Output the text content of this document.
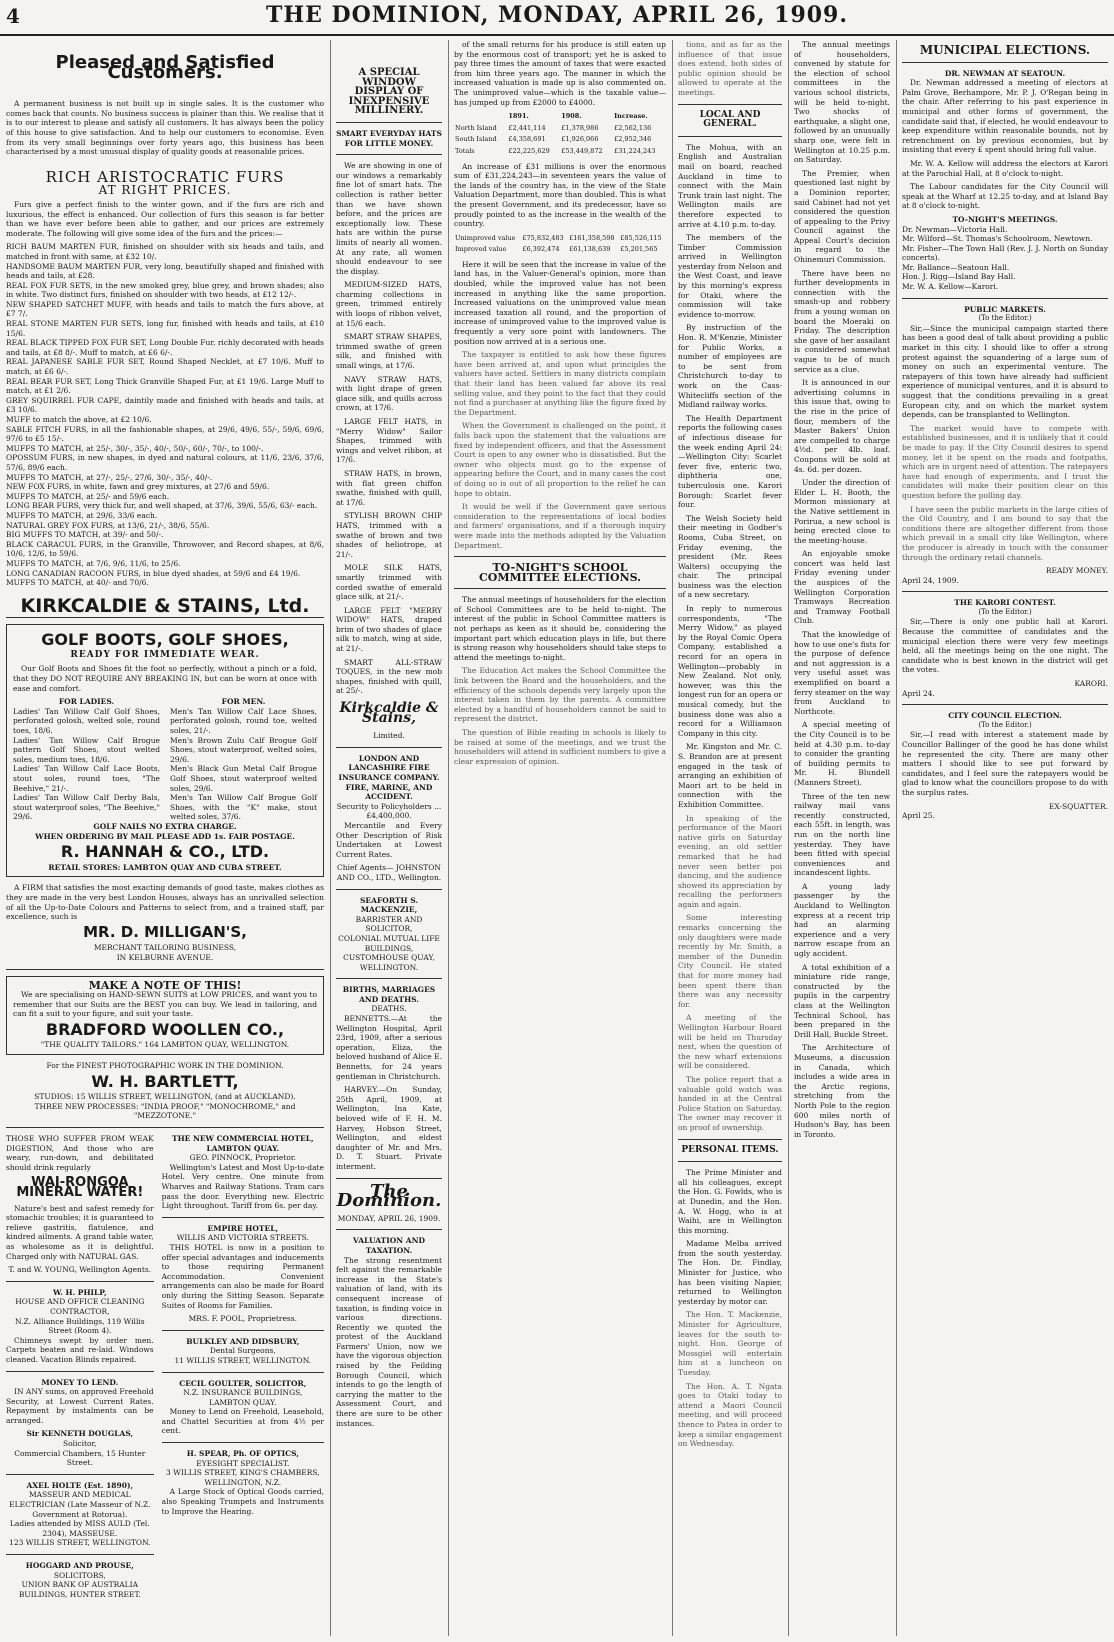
4	THE DOMINION, MONDAY, APRIL 26, 1909.
Pleased and Satisfied Customers.

A permanent business is not built up in single sales. It is the customer who comes back that counts. No business success is plainer than this. We realise that it is to our interest to please and satisfy all customers. It has always been the policy of this house to give satisfaction. And to help our customers to economise. Even from its very small beginnings over forty years ago, this business has been characterised by a most unusual display of quality goods at reasonable prices.

RICH ARISTOCRATIC FURS
AT RIGHT PRICES.

Furs give a perfect finish to the winter gown, and if the furs are rich and luxurious, the effect is enhanced. Our collection of furs this season is far better than we have ever before been able to gather, and our prices are extremely moderate. The following will give some idea of the furs and the prices:—

RICH BAUM MARTEN FUR, finished on shoulder with six heads and tails, and matched in front with same, at £32 10/.
HANDSOME BAUM MARTEN FUR, very long, beautifully shaped and finished with heads and tails, at £28.
REAL FOX FUR SETS, in the new smoked grey, blue grey, and brown shades; also in white. Two distinct furs, finished on shoulder with two heads, at £12 12/-.
NEW SHAPED SATCHET MUFF, with heads and tails to match the furs above, at £7 7/.
REAL STONE MARTEN FUR SETS, long fur, finished with heads and tails, at £10 15/6.
REAL BLACK TIPPED FOX FUR SET, Long Double Fur, richly decorated with heads and tails, at £8 8/-. Muff to match, at £6 6/-.
REAL JAPANESE SABLE FUR SET, Round Shaped Necklet, at £7 10/6. Muff to match, at £6 6/-.
REAL BEAR FUR SET, Long Thick Granville Shaped Fur, at £1 19/6. Large Muff to match, at £1 2/6.
GREY SQUIRREL FUR CAPE, daintily made and finished with heads and tails, at £3 10/6.
MUFF to match the above, at £2 10/6.
SABLE FITCH FURS, in all the fashionable shapes, at 29/6, 49/6, 55/-, 59/6, 69/6, 97/6 to £5 15/-.
MUFFS TO MATCH, at 25/-, 30/-, 35/-, 40/-, 50/-, 60/-, 70/-, to 100/-.
OPOSSUM FURS, in new shapes, in dyed and natural colours, at 11/6, 23/6, 37/6, 57/6, 89/6 each.
MUFFS TO MATCH, at 27/-, 25/-, 27/6, 30/-, 35/-, 40/-.
NEW FOX FURS, in white, fawn and grey mixtures, at 27/6 and 59/6.
MUFFS TO MATCH, at 25/- and 59/6 each.
LONG BEAR FURS, very thick fur, and well shaped, at 37/6, 39/6, 55/6, 63/- each.
MUFFS TO MATCH, at 29/6, 33/6 each.
NATURAL GREY FOX FURS, at 13/6, 21/-, 38/6, 55/6.
BIG MUFFS TO MATCH, at 39/- and 50/-.
BLACK CARACUL FURS, in the Granville, Throwover, and Record shapes, at 8/6, 10/6, 12/6, to 59/6.
MUFFS TO MATCH, at 7/6, 9/6, 11/6, to 25/6.
LONG CANADIAN RACOON FURS, in blue dyed shades, at 59/6 and £4 19/6.
MUFFS TO MATCH, at 40/- and 70/6.
KIRKCALDIE & STAINS, Ltd.
GOLF BOOTS, GOLF SHOES,
READY FOR IMMEDIATE WEAR.

Our Golf Boots and Shoes fit the foot so perfectly, without a pinch or a fold, that they DO NOT REQUIRE ANY BREAKING IN, but can be worn at once with ease and comfort.

FOR LADIES.
Ladies' Tan Willow Calf Golf Shoes, perforated golosh, welted sole, round toes, 18/6.
Ladies' Tan Willow Calf Brogue pattern Golf Shoes, stout welted soles, medium toes, 18/6.
Ladies' Tan Willow Calf Lace Boots, stout soles, round toes, "The Beehive," 21/-.
Ladies' Tan Willow Calf Derby Bals, stout waterproof soles, "The Beehive," 29/6.
FOR MEN.
Men's Tan Willow Calf Lace Shoes, perforated golosh, round toe, welted soles, 21/-.
Men's Brown Zulu Calf Brogue Golf Shoes, stout waterproof, welted soles, 29/6.
Men's Black Gun Metal Calf Brogue Golf Shoes, stout waterproof welted soles, 29/6.
Men's Tan Willow Calf Brogue Golf Shoes, with the "K" make, stout welted soles, 37/6.
GOLF NAILS NO EXTRA CHARGE.
WHEN ORDERING BY MAIL PLEASE ADD 1s. FAIR POSTAGE.
R. HANNAH & CO., LTD.
RETAIL STORES: LAMBTON QUAY AND CUBA STREET.

A FIRM that satisfies the most exacting demands of good taste, makes clothes as they are made in the very best London Houses, always has an unrivalled selection of all the Up-to-Date Colours and Patterns to select from, and a trained staff, par excellence, such is

MR. D. MILLIGAN'S,
MERCHANT TAILORING BUSINESS,
IN KELBURNE AVENUE.
MAKE A NOTE OF THIS!

We are specialising on HAND-SEWN SUITS at LOW PRICES, and want you to remember that our Suits are the BEST you can buy. We lead in tailoring, and can fit a suit to your figure, and suit your taste.

BRADFORD WOOLLEN CO.,
"THE QUALITY TAILORS." 164 LAMBTON QUAY, WELLINGTON.
For the FINEST PHOTOGRAPHIC WORK IN THE DOMINION.
W. H. BARTLETT,
STUDIOS: 15 WILLIS STREET, WELLINGTON, (and at AUCKLAND).
THREE NEW PROCESSES: "INDIA PROOF," "MONOCHROME," and "MEZZOTONE."
THOSE WHO SUFFER FROM WEAK DIGESTION, And those who are weary, run-down, and debilitated should drink regularly
WAI-RONGOA MINERAL WATER!

Nature's best and safest remedy for stomachic troubles; it is guaranteed to relieve gastritis, flatulence, and kindred ailments. A grand table water, as wholesome as it is delightful. Charged only with NATURAL GAS.

T. and W. YOUNG, Wellington Agents.
W. H. PHILP,
HOUSE AND OFFICE CLEANING CONTRACTOR,
N.Z. Alliance Buildings, 119 Willis Street (Room 4).

Chimneys swept by order men. Carpets beaten and re-laid. Windows cleaned. Vacation Blinds repaired.

MONEY TO LEND.

IN ANY sums, on approved Freehold Security, at Lowest Current Rates. Repayment by instalments can be arranged.

Sir KENNETH DOUGLAS,
Solicitor,
Commercial Chambers, 15 Hunter Street.
AXEL HOLTE (Est. 1890),
MASSEUR AND MEDICAL ELECTRICIAN (Late Masseur of N.Z. Government at Rotorua).
Ladies attended by MISS AULD (Tel. 2304), MASSEUSE.
123 WILLIS STREET, WELLINGTON.
HOGGARD AND PROUSE,
SOLICITORS,
UNION BANK OF AUSTRALIA BUILDINGS, HUNTER STREET.
THE NEW COMMERCIAL HOTEL, LAMBTON QUAY.
GEO. PINNOCK, Proprietor.

Wellington's Latest and Most Up-to-date Hotel. Very centre. One minute from Wharves and Railway Stations. Tram cars pass the door. Everything new. Electric Light throughout. Tariff from 6s. per day.

EMPIRE HOTEL,
WILLIS AND VICTORIA STREETS.

THIS HOTEL is now in a position to offer special advantages and inducements to those requiring Permanent Accommodation. Convenient arrangements can also be made for Board only during the Sitting Season. Separate Suites of Rooms for Families.

MRS. F. POOL, Proprietress.
BULKLEY AND DIDSBURY,
Dental Surgeons,
11 WILLIS STREET, WELLINGTON.
CECIL GOULTER, SOLICITOR,
N.Z. INSURANCE BUILDINGS, LAMBTON QUAY.

Money to Lend on Freehold, Leasehold, and Chattel Securities at from 4½ per cent.

H. SPEAR, Ph. OF OPTICS,
EYESIGHT SPECIALIST.
3 WILLIS STREET, KING'S CHAMBERS, WELLINGTON, N.Z.

A Large Stock of Optical Goods carried, also Speaking Trumpets and Instruments to Improve the Hearing.

A SPECIAL WINDOW DISPLAY OF INEXPENSIVE MILLINERY.
SMART EVERYDAY HATS FOR LITTLE MONEY.

We are showing in one of our windows a remarkably fine lot of smart hats. The collection is rather better than we have shown before, and the prices are exceptionally low. These hats are within the purse limits of nearly all women. At any rate, all women should endeavour to see the display.

MEDIUM-SIZED HATS, charming collections in green, trimmed entirely with loops of ribbon velvet, at 15/6 each.

SMART STRAW SHAPES, trimmed swathe of green silk, and finished with small wings, at 17/6.

NAVY STRAW HATS, with light drape of green glace silk, and quills across crown, at 17/6.

LARGE FELT HATS, in "Merry Widow" Sailor Shapes, trimmed with wings and velvet ribbon, at 17/6.

STRAW HATS, in brown, with flat green chiffon swathe, finished with quill, at 17/6.

STYLISH BROWN CHIP HATS, trimmed with a swathe of brown and two shades of heliotrope, at 21/-.

MOLE SILK HATS, smartly trimmed with corded swathe of emerald glace silk, at 21/-.

LARGE FELT "MERRY WIDOW" HATS, draped brim of two shades of glace silk to match, wing at side, at 21/-.

SMART ALL-STRAW TOQUES, in the new mob shapes, finished with quill, at 25/-.

Kirkcaldie & Stains,
Limited.
LONDON AND LANCASHIRE FIRE INSURANCE COMPANY.
FIRE, MARINE, AND ACCIDENT.
Security to Policyholders ... £4,400,000.

Mercantile and Every Other Description of Risk Undertaken at Lowest Current Rates.

Chief Agents— JOHNSTON AND CO., LTD., Wellington.
SEAFORTH S. MACKENZIE,
BARRISTER AND SOLICITOR,
COLONIAL MUTUAL LIFE BUILDINGS, CUSTOMHOUSE QUAY, WELLINGTON.
BIRTHS, MARRIAGES AND DEATHS.
DEATHS.

BENNETTS.—At the Wellington Hospital, April 23rd, 1909, after a serious operation, Eliza, the beloved husband of Alice E. Bennetts, for 24 years gentleman in Christchurch.

HARVEY.—On Sunday, 25th April, 1909, at Wellington, Ina Kate, beloved wife of F. H. M. Harvey, Hobson Street, Wellington, and eldest daughter of Mr. and Mrs. D. T. Stuart. Private interment.

The Dominion.
MONDAY, APRIL 26, 1909.
VALUATION AND TAXATION.

The strong resentment felt against the remarkable increase in the State's valuation of land, with its consequent increase of taxation, is finding voice in various directions. Recently we quoted the protest of the Auckland Farmers' Union, now we have the vigorous objection raised by the Feilding Borough Council, which intends to go the length of carrying the matter to the Assessment Court, and there are sure to be other instances.

of the small returns for his produce is still eaten up by the enormous cost of transport; yet he is asked to pay three times the amount of taxes that were exacted from him three years ago. The manner in which the increased valuation is made up is also commented on. The unimproved value—which is the taxable value—has jumped up from £2000 to £4000.

	1891.	1908.	Increase.
North Island	£2,441,114	£1,378,986	£2,562,136
South Island	£4,358,691	£1,926,066	£2,952,346
Totals	£22,225,629	£53,449,872	£31,224,243

An increase of £31 millions is over the enormous sum of £31,224,243—in seventeen years the value of the lands of the country has, in the view of the State Valuation Department, more than doubled. This is what the present Government, and its predecessor, have so proudly pointed to as the increase in the wealth of the country.

Unimproved value	£75,832,483	£161,358,598	£85,526,115
Improved value	£6,392,474	£61,138,639	£5,201,565

Here it will be seen that the increase in value of the land has, in the Valuer-General's opinion, more than doubled, while the improved value has not been increased in anything like the same proportion. Increased valuations on the unimproved value mean increased taxation all round, and the proportion of increase of unimproved value to the improved value is frequently a very sore point with landowners. The position now arrived at is a serious one.

The taxpayer is entitled to ask how these figures have been arrived at, and upon what principles the valuers have acted. Settlers in many districts complain that their land has been valued far above its real selling value, and they point to the fact that they could not find a purchaser at anything like the figure fixed by the Department.

When the Government is challenged on the point, it falls back upon the statement that the valuations are fixed by independent officers, and that the Assessment Court is open to any owner who is dissatisfied. But the owner who objects must go to the expense of appearing before the Court, and in many cases the cost of doing so is out of all proportion to the relief he can hope to obtain.

It would be well if the Government gave serious consideration to the representations of local bodies and farmers' organisations, and if a thorough inquiry were made into the methods adopted by the Valuation Department.

TO-NIGHT'S SCHOOL COMMITTEE ELECTIONS.

The annual meetings of householders for the election of School Committees are to be held to-night. The interest of the public in School Committee matters is not perhaps as keen as it should be, considering the important part which education plays in life, but there is strong reason why householders should take steps to attend the meetings to-night.

The Education Act makes the School Committee the link between the Board and the householders, and the efficiency of the schools depends very largely upon the interest taken in them by the parents. A committee elected by a handful of householders cannot be said to represent the district.

The question of Bible reading in schools is likely to be raised at some of the meetings, and we trust the householders will attend in sufficient numbers to give a clear expression of opinion.

tions, and as far as the influence of that issue does extend, both sides of public opinion should be allowed to operate at the meetings.

LOCAL AND GENERAL.

The Mohua, with an English and Australian mail on board, reached Auckland in time to connect with the Main Trunk train last night. The Wellington mails are therefore expected to arrive at 4.10 p.m. to-day.

The members of the Timber Commission arrived in Wellington yesterday from Nelson and the West Coast, and leave by this morning's express for Otaki, where the commission will take evidence to-morrow.

By instruction of the Hon. R. M'Kenzie, Minister for Public Works, a number of employees are to be sent from Christchurch to-day to work on the Cass-Whitecliffs section of the Midland railway works.

The Health Department reports the following cases of infectious disease for the week ending April 24:—Wellington City: Scarlet fever five, enteric two, diphtheria one, tuberculosis one. Karori Borough: Scarlet fever four.

The Welsh Society held their meeting in Godber's Rooms, Cuba Street, on Friday evening, the president (Mr. Rees Walters) occupying the chair. The principal business was the election of a new secretary.

In reply to numerous correspondents, "The Merry Widow," as played by the Royal Comic Opera Company, established a record for an opera in Wellington—probably in New Zealand. Not only, however, was this the longest run for an opera or musical comedy, but the business done was also a record for a Williamson Company in this city.

Mr. Kingston and Mr. C. S. Brandon are at present engaged in the task of arranging an exhibition of Maori art to be held in connection with the Exhibition Committee.

In speaking of the performance of the Maori native girls on Saturday evening, an old settler remarked that he had never seen better poi dancing, and the audience showed its appreciation by recalling the performers again and again.

Some interesting remarks concerning the only daughters were made recently by Mr. Smith, a member of the Dunedin City Council. He stated that for more money had been spent there than there was any necessity for.

A meeting of the Wellington Harbour Board will be held on Thursday next, when the question of the new wharf extensions will be considered.

The police report that a valuable gold watch was handed in at the Central Police Station on Saturday. The owner may recover it on proof of ownership.

PERSONAL ITEMS.

The Prime Minister and all his colleagues, except the Hon. G. Fowlds, who is at Dunedin, and the Hon. A. W. Hogg, who is at Waihi, are in Wellington this morning.

Madame Melba arrived from the south yesterday. The Hon. Dr. Findlay, Minister for Justice, who has been visiting Napier, returned to Wellington yesterday by motor car.

The Hon. T. Mackenzie, Minister for Agriculture, leaves for the south to-night. Hon. George of Mossgiel will entertain him at a luncheon on Tuesday.

The Hon. A. T. Ngata goes to Otaki today to attend a Maori Council meeting, and will proceed thence to Patea in order to keep a similar engagement on Wednesday.

The annual meetings of householders, convened by statute for the election of school committees in the various school districts, will be held to-night. Two shocks of earthquake, a slight one, followed by an unusually sharp one, were felt in Wellington at 10.25 p.m. on Saturday.

The Premier, when questioned last night by a Dominion reporter, said Cabinet had not yet considered the question of appealing to the Privy Council against the Appeal Court's decision in regard to the Ohinemuri Commission.

There have been no further developments in connection with the smash-up and robbery from a young woman on board the Moeraki on Friday. The description she gave of her assailant is considered somewhat vague to be of much service as a clue.

It is announced in our advertising columns in this issue that, owing to the rise in the price of flour, members of the Master Bakers' Union are compelled to charge 4½d. per 4lb. loaf. Coupons will be sold at 4s. 6d. per dozen.

Under the direction of Elder L. H. Booth, the Mormon missionary at the Native settlement in Porirua, a new school is being erected close to the meeting-house.

An enjoyable smoke concert was held last Friday evening under the auspices of the Wellington Corporation Tramways Recreation and Tramway Football Club.

That the knowledge of how to use one's fists for the purpose of defence and not aggression is a very useful asset was exemplified on board a ferry steamer on the way from Auckland to Northcote.

A special meeting of the City Council is to be held at 4.30 p.m. to-day to consider the granting of building permits to Mr. H. Blundell (Manners Street).

Three of the ten new railway mail vans recently constructed, each 55ft. in length, was run on the north line yesterday. They have been fitted with special conveniences and incandescent lights.

A young lady passenger by the Auckland to Wellington express at a recent trip had an alarming experience and a very narrow escape from an ugly accident.

A total exhibition of a miniature ride range, constructed by the pupils in the carpentry class at the Wellington Technical School, has been prepared in the Drill Hall, Buckle Street.

The Architecture of Museums, a discussion in Canada, which includes a wide area in the Arctic regions, stretching from the North Pole to the region 600 miles north of Hudson's Bay, has been in Toronto.

MUNICIPAL ELECTIONS.
DR. NEWMAN AT SEATOUN.

Dr. Newman addressed a meeting of electors at Palm Grove, Berhampore, Mr. P. J. O'Regan being in the chair. After referring to his past experience in municipal and other forms of government, the candidate said that, if elected, he would endeavour to keep expenditure within reasonable bounds, not by retrenchment on by previous economies, but by insisting that every £ spent should bring full value.

Mr. W. A. Kellow will address the electors at Karori at the Parochial Hall, at 8 o'clock to-night.

The Labour candidates for the City Council will speak at the Wharf at 12.25 to-day, and at Island Bay at 8 o'clock to-night.

TO-NIGHT'S MEETINGS.
Dr. Newman—Victoria Hall.
Mr. Wilford—St. Thomas's Schoolroom, Newtown.
Mr. Fisher—The Town Hall (Rev. J. J. North on Sunday concerts).
Mr. Ballance—Seatoun Hall.
Hon. J. Rigg—Island Bay Hall.
Mr. W. A. Kellow—Karori.
PUBLIC MARKETS.
(To the Editor.)

Sir,—Since the municipal campaign started there has been a good deal of talk about providing a public market in this city. I should like to offer a strong protest against the squandering of a large sum of money on such an experimental venture. The ratepayers of this town have already had sufficient experience of municipal ventures, and it is absurd to suggest that the conditions prevailing in a great European city, and on which the market system depends, can be transplanted to Wellington.

The market would have to compete with established businesses, and it is unlikely that it could be made to pay. If the City Council desires to spend money, let it be spent on the roads and footpaths, which are in urgent need of attention. The ratepayers have had enough of experiments, and I trust the candidates will make their position clear on this question before the polling day.

I have seen the public markets in the large cities of the Old Country, and I am bound to say that the conditions there are altogether different from those which prevail in a small city like Wellington, where the producer is already in touch with the consumer through the ordinary retail channels.

READY MONEY.
April 24, 1909.
THE KARORI CONTEST.
(To the Editor.)

Sir,—There is only one public hall at Karori. Because the committee of candidates and the municipal election there were very few meetings held, all the meetings being on the one night. The candidate who is best known in the district will get the votes.

KARORI.
April 24.
CITY COUNCIL ELECTION.
(To the Editor.)

Sir,—I read with interest a statement made by Councillor Ballinger of the good he has done whilst he represented the city. There are many other matters I should like to see put forward by candidates, and I feel sure the ratepayers would be glad to know what the councillors propose to do with the surplus rates.

EX-SQUATTER.
April 25.
